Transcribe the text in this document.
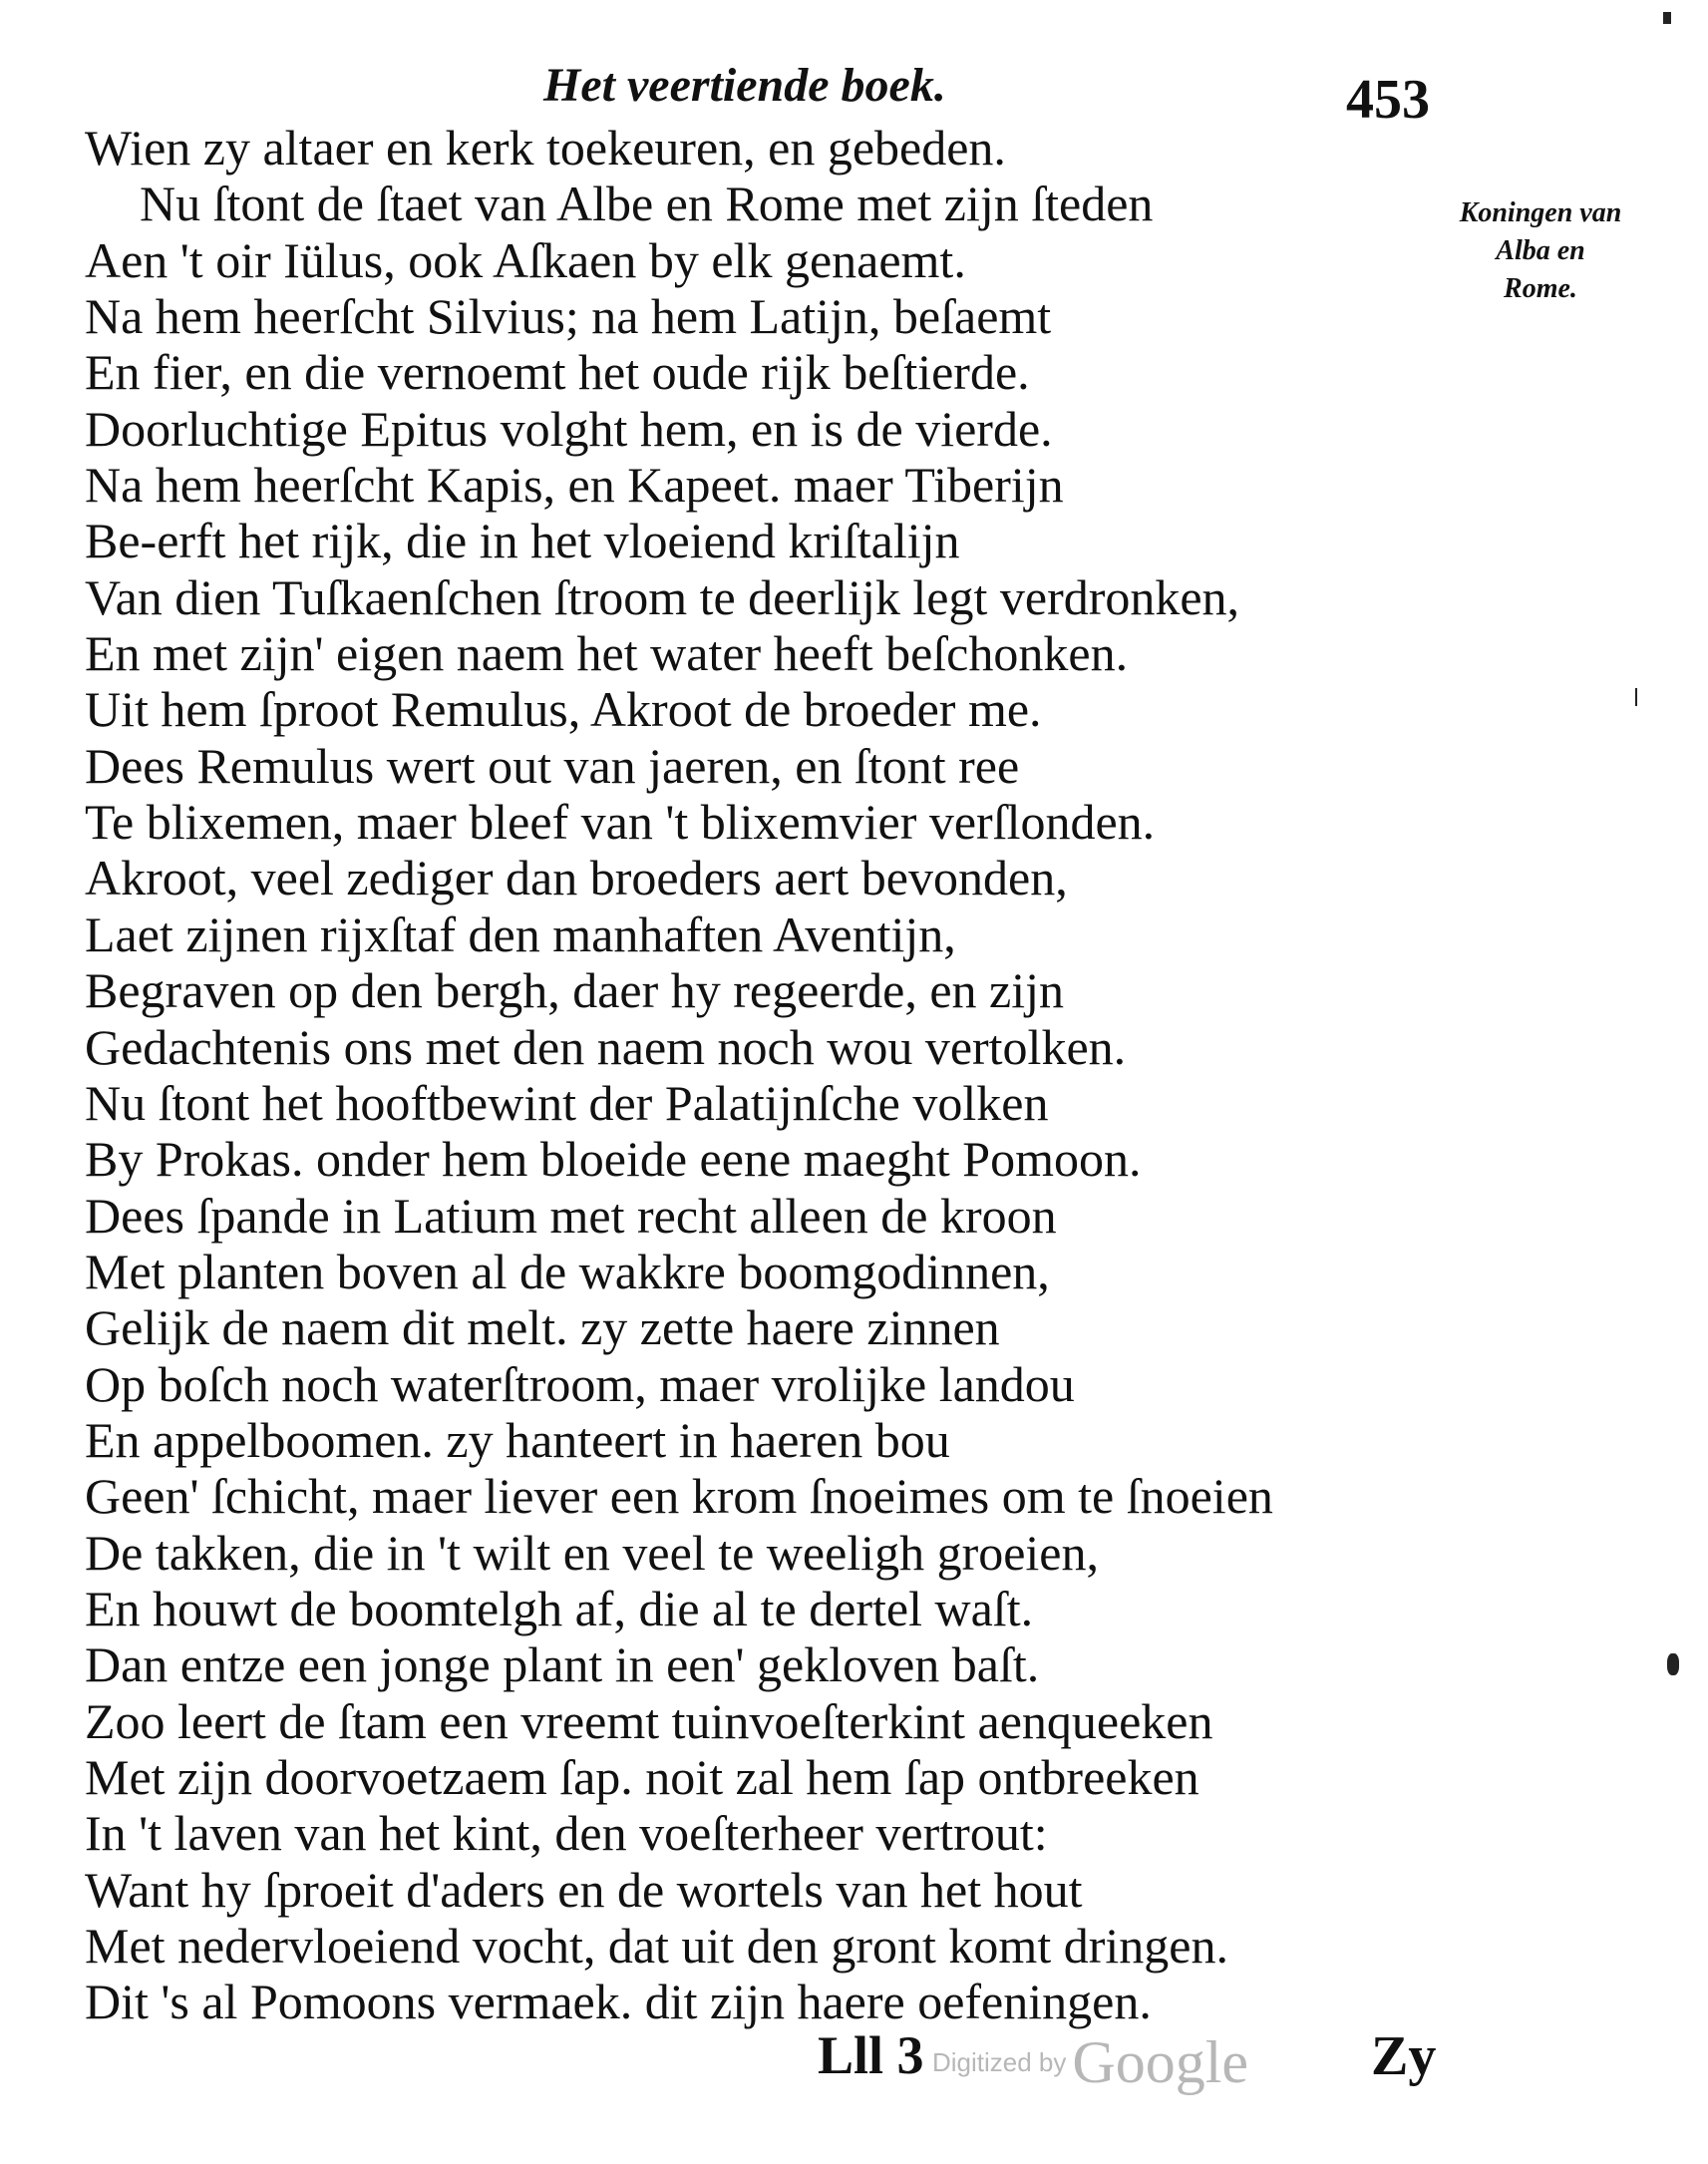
Het veertiende boek.	453
Koningen van
Alba en
Rome.
Wien zy altaer en kerk toekeuren, en gebeden.
Nu ſtont de ſtaet van Albe en Rome met zijn ſteden
Aen 't oir Iülus, ook Aſkaen by elk genaemt.
Na hem heerſcht Silvius; na hem Latijn, beſaemt
En fier, en die vernoemt het oude rijk beſtierde.
Doorluchtige Epitus volght hem, en is de vierde.
Na hem heerſcht Kapis, en Kapeet. maer Tiberijn
Be-erft het rijk, die in het vloeiend kriſtalijn
Van dien Tuſkaenſchen ſtroom te deerlijk legt verdronken,
En met zijn' eigen naem het water heeft beſchonken.
Uit hem ſproot Remulus, Akroot de broeder me.
Dees Remulus wert out van jaeren, en ſtont ree
Te blixemen, maer bleef van 't blixemvier verſlonden.
Akroot, veel zediger dan broeders aert bevonden,
Laet zijnen rijxſtaf den manhaften Aventijn,
Begraven op den bergh, daer hy regeerde, en zijn
Gedachtenis ons met den naem noch wou vertolken.
Nu ſtont het hooftbewint der Palatijnſche volken
By Prokas. onder hem bloeide eene maeght Pomoon.
Dees ſpande in Latium met recht alleen de kroon
Met planten boven al de wakkre boomgodinnen,
Gelijk de naem dit melt. zy zette haere zinnen
Op boſch noch waterſtroom, maer vrolijke landou
En appelboomen. zy hanteert in haeren bou
Geen' ſchicht, maer liever een krom ſnoeimes om te ſnoeien
De takken, die in 't wilt en veel te weeligh groeien,
En houwt de boomtelgh af, die al te dertel waſt.
Dan entze een jonge plant in een' gekloven baſt.
Zoo leert de ſtam een vreemt tuinvoeſterkint aenqueeken
Met zijn doorvoetzaem ſap. noit zal hem ſap ontbreeken
In 't laven van het kint, den voeſterheer vertrout:
Want hy ſproeit d'aders en de wortels van het hout
Met nedervloeiend vocht, dat uit den gront komt dringen.
Dit 's al Pomoons vermaek. dit zijn haere oefeningen.
Lll 3 Digitized by Google Zy
